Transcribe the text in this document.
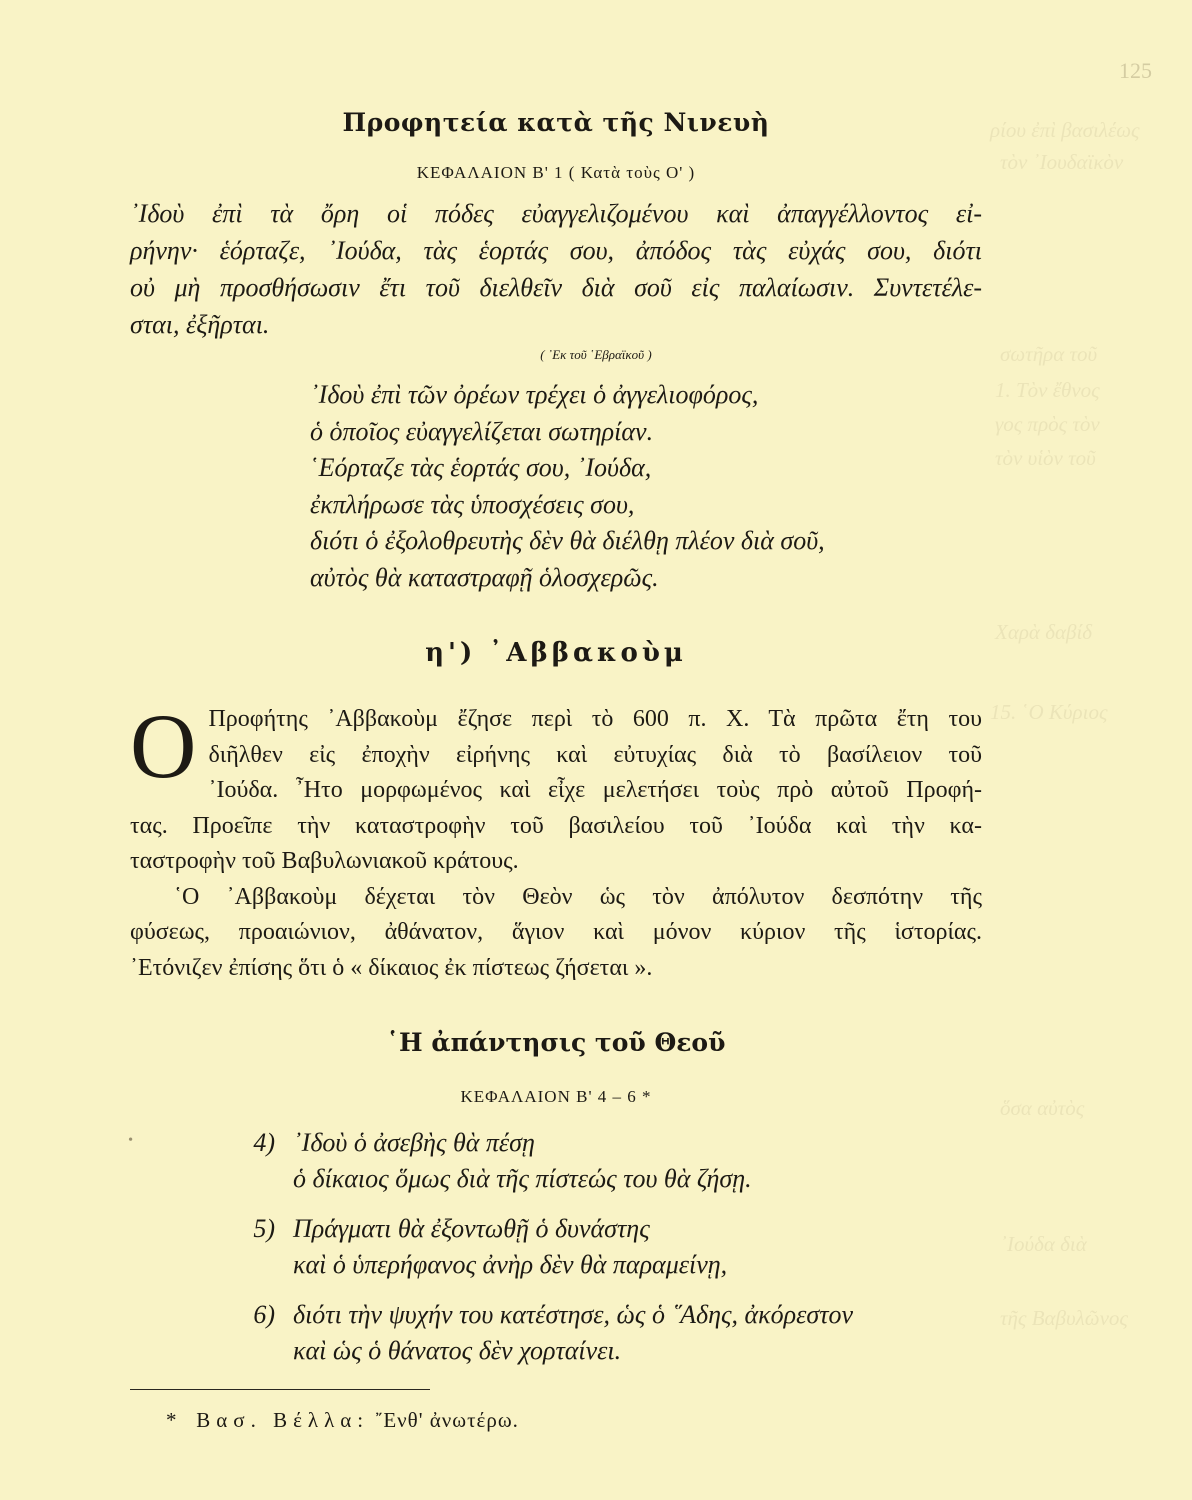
125
ρίου ἐπὶ βασιλέως
τὸν ᾿Ιουδαϊκὸν
σωτῆρα τοῦ
1. Τὸν ἔθνος
γος πρὸς τὸν
τὸν υἱὸν τοῦ
Χαρὰ δαβίδ
15. ῾Ο Κύριος
ὅσα αὐτὸς
᾿Ιούδα διὰ
τῆς Βαβυλῶνος
Προφητεία κατὰ τῆς Νινευὴ
ΚΕΦΑΛΑΙΟΝ Β' 1 ( Κατὰ τοὺς Ο' )
᾿Ιδοὺ ἐπὶ τὰ ὄρη οἱ πόδες εὐαγγελιζομένου καὶ ἀπαγγέλλοντος εἰ-
ρήνην· ἑόρταζε, ᾿Ιούδα, τὰς ἑορτάς σου, ἀπόδος τὰς εὐχάς σου, διότι
οὐ μὴ προσθήσωσιν ἔτι τοῦ διελθεῖν διὰ σοῦ εἰς παλαίωσιν. Συντετέλε-
σται, ἐξῆρται.
( ᾿Εκ τοῦ ῾Εβραϊκοῦ )
᾿Ιδοὺ ἐπὶ τῶν ὀρέων τρέχει ὁ ἀγγελιοφόρος,
ὁ ὁποῖος εὐαγγελίζεται σωτηρίαν.
῾Εόρταζε τὰς ἑορτάς σου, ᾿Ιούδα,
ἐκπλήρωσε τὰς ὑποσχέσεις σου,
διότι ὁ ἐξολοθρευτὴς δὲν θὰ διέλθῃ πλέον διὰ σοῦ,
αὐτὸς θὰ καταστραφῇ ὁλοσχερῶς.
η') ᾿Αββακοὺμ
Ο Προφήτης ᾿Αββακοὺμ ἔζησε περὶ τὸ 600 π. Χ. Τὰ πρῶτα ἔτη του
διῆλθεν εἰς ἐποχὴν εἰρήνης καὶ εὐτυχίας διὰ τὸ βασίλειον τοῦ
᾿Ιούδα. ῏Ητο μορφωμένος καὶ εἶχε μελετήσει τοὺς πρὸ αὐτοῦ Προφή-
τας. Προεῖπε τὴν καταστροφὴν τοῦ βασιλείου τοῦ ᾿Ιούδα καὶ τὴν κα-
ταστροφὴν τοῦ Βαβυλωνιακοῦ κράτους.
῾Ο ᾿Αββακοὺμ δέχεται τὸν Θεὸν ὡς τὸν ἀπόλυτον δεσπότην τῆς
φύσεως, προαιώνιον, ἀθάνατον, ἅγιον καὶ μόνον κύριον τῆς ἱστορίας.
᾿Ετόνιζεν ἐπίσης ὅτι ὁ « δίκαιος ἐκ πίστεως ζήσεται ».
῾Η ἀπάντησις τοῦ Θεοῦ
ΚΕΦΑΛΑΙΟΝ Β' 4 – 6 *
•	4) ᾿Ιδοὺ ὁ ἀσεβὴς θὰ πέσῃ
ὁ δίκαιος ὅμως διὰ τῆς πίστεώς του θὰ ζήσῃ.
5) Πράγματι θὰ ἐξοντωθῇ ὁ δυνάστης
καὶ ὁ ὑπερήφανος ἀνὴρ δὲν θὰ παραμείνῃ,
6) διότι τὴν ψυχήν του κατέστησε, ὡς ὁ ῞Αδης, ἀκόρεστον
καὶ ὡς ὁ θάνατος δὲν χορταίνει.
* Βασ. Βέλλα: ῎Ενθ' ἀνωτέρω.
